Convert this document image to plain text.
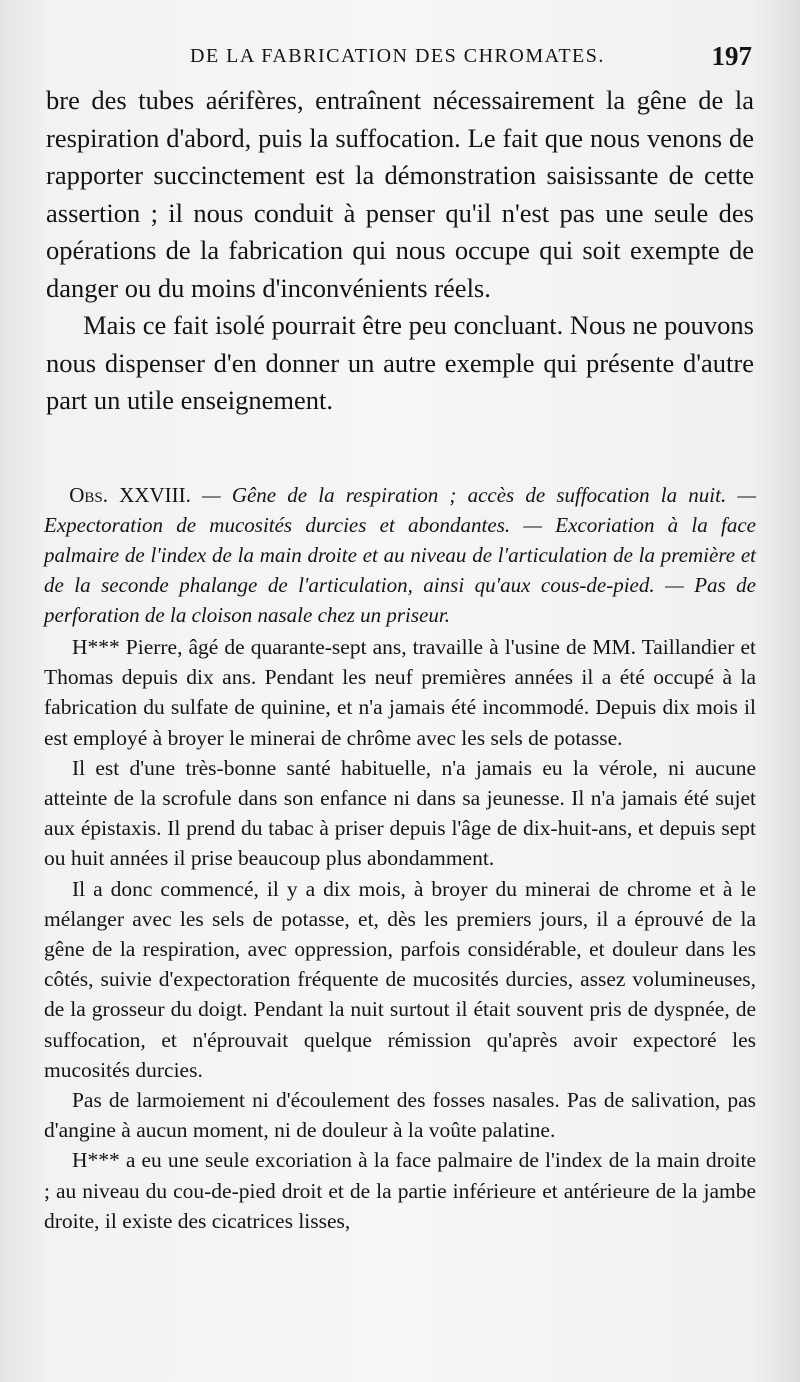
DE LA FABRICATION DES CHROMATES.	197

bre des tubes aérifères, entraînent nécessairement la gêne de la respiration d'abord, puis la suffocation. Le fait que nous venons de rapporter succinctement est la démonstration saisissante de cette assertion ; il nous conduit à penser qu'il n'est pas une seule des opérations de la fabrication qui nous occupe qui soit exempte de danger ou du moins d'inconvénients réels.

Mais ce fait isolé pourrait être peu concluant. Nous ne pouvons nous dispenser d'en donner un autre exemple qui présente d'autre part un utile enseignement.

Obs. XXVIII. — Gêne de la respiration ; accès de suffocation la nuit. — Expectoration de mucosités durcies et abondantes. — Excoriation à la face palmaire de l'index de la main droite et au niveau de l'articulation de la première et de la seconde phalange de l'articulation, ainsi qu'aux cous-de-pied. — Pas de perforation de la cloison nasale chez un priseur.

H*** Pierre, âgé de quarante-sept ans, travaille à l'usine de MM. Taillandier et Thomas depuis dix ans. Pendant les neuf premières années il a été occupé à la fabrication du sulfate de quinine, et n'a jamais été incommodé. Depuis dix mois il est employé à broyer le minerai de chrôme avec les sels de potasse.

Il est d'une très-bonne santé habituelle, n'a jamais eu la vérole, ni aucune atteinte de la scrofule dans son enfance ni dans sa jeunesse. Il n'a jamais été sujet aux épistaxis. Il prend du tabac à priser depuis l'âge de dix-huit-ans, et depuis sept ou huit années il prise beaucoup plus abondamment.

Il a donc commencé, il y a dix mois, à broyer du minerai de chrome et à le mélanger avec les sels de potasse, et, dès les premiers jours, il a éprouvé de la gêne de la respiration, avec oppression, parfois considérable, et douleur dans les côtés, suivie d'expectoration fréquente de mucosités durcies, assez volumineuses, de la grosseur du doigt. Pendant la nuit surtout il était souvent pris de dyspnée, de suffocation, et n'éprouvait quelque rémission qu'après avoir expectoré les mucosités durcies.

Pas de larmoiement ni d'écoulement des fosses nasales. Pas de salivation, pas d'angine à aucun moment, ni de douleur à la voûte palatine.

H*** a eu une seule excoriation à la face palmaire de l'index de la main droite ; au niveau du cou-de-pied droit et de la partie inférieure et antérieure de la jambe droite, il existe des cicatrices lisses,
